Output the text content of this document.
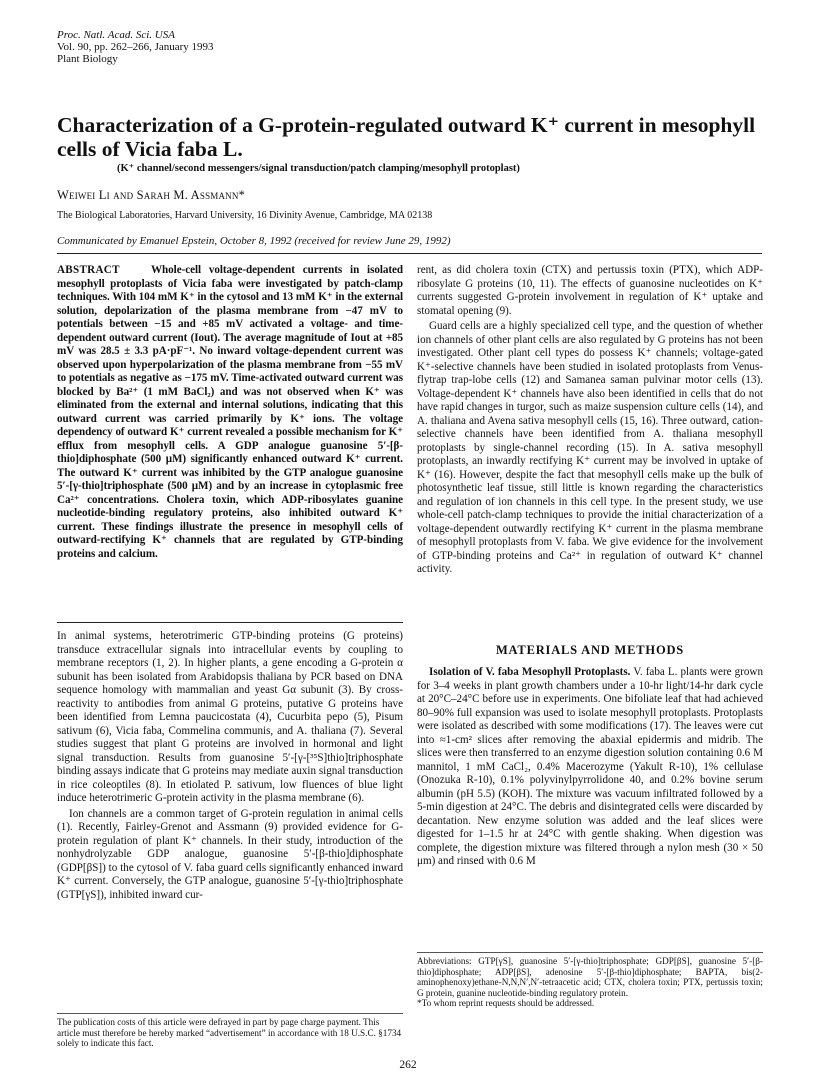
Proc. Natl. Acad. Sci. USA
Vol. 90, pp. 262–266, January 1993
Plant Biology
Characterization of a G-protein-regulated outward K⁺ current in mesophyll cells of Vicia faba L.
(K⁺ channel/second messengers/signal transduction/patch clamping/mesophyll protoplast)
Weiwei Li and Sarah M. Assmann*
The Biological Laboratories, Harvard University, 16 Divinity Avenue, Cambridge, MA 02138
Communicated by Emanuel Epstein, October 8, 1992 (received for review June 29, 1992)

ABSTRACT	Whole-cell voltage-dependent currents in isolated mesophyll protoplasts of Vicia faba were investigated by patch-clamp techniques. With 104 mM K⁺ in the cytosol and 13 mM K⁺ in the external solution, depolarization of the plasma membrane from −47 mV to potentials between −15 and +85 mV activated a voltage- and time-dependent outward current (Iout). The average magnitude of Iout at +85 mV was 28.5 ± 3.3 pA·pF⁻¹. No inward voltage-dependent current was observed upon hyperpolarization of the plasma membrane from −55 mV to potentials as negative as −175 mV. Time-activated outward current was blocked by Ba²⁺ (1 mM BaCl₂) and was not observed when K⁺ was eliminated from the external and internal solutions, indicating that this outward current was carried primarily by K⁺ ions. The voltage dependency of outward K⁺ current revealed a possible mechanism for K⁺ efflux from mesophyll cells. A GDP analogue guanosine 5′-[β-thio]diphosphate (500 μM) significantly enhanced outward K⁺ current. The outward K⁺ current was inhibited by the GTP analogue guanosine 5′-[γ-thio]triphosphate (500 μM) and by an increase in cytoplasmic free Ca²⁺ concentrations. Cholera toxin, which ADP-ribosylates guanine nucleotide-binding regulatory proteins, also inhibited outward K⁺ current. These findings illustrate the presence in mesophyll cells of outward-rectifying K⁺ channels that are regulated by GTP-binding proteins and calcium.

In animal systems, heterotrimeric GTP-binding proteins (G proteins) transduce extracellular signals into intracellular events by coupling to membrane receptors (1, 2). In higher plants, a gene encoding a G-protein α subunit has been isolated from Arabidopsis thaliana by PCR based on DNA sequence homology with mammalian and yeast Gα subunit (3). By cross-reactivity to antibodies from animal G proteins, putative G proteins have been identified from Lemna paucicostata (4), Cucurbita pepo (5), Pisum sativum (6), Vicia faba, Commelina communis, and A. thaliana (7). Several studies suggest that plant G proteins are involved in hormonal and light signal transduction. Results from guanosine 5′-[γ-[³⁵S]thio]triphosphate binding assays indicate that G proteins may mediate auxin signal transduction in rice coleoptiles (8). In etiolated P. sativum, low fluences of blue light induce heterotrimeric G-protein activity in the plasma membrane (6).

Ion channels are a common target of G-protein regulation in animal cells (1). Recently, Fairley-Grenot and Assmann (9) provided evidence for G-protein regulation of plant K⁺ channels. In their study, introduction of the nonhydrolyzable GDP analogue, guanosine 5′-[β-thio]diphosphate (GDP[βS]) to the cytosol of V. faba guard cells significantly enhanced inward K⁺ current. Conversely, the GTP analogue, guanosine 5′-[γ-thio]triphosphate (GTP[γS]), inhibited inward cur-

The publication costs of this article were defrayed in part by page charge payment. This article must therefore be hereby marked “advertisement” in accordance with 18 U.S.C. §1734 solely to indicate this fact.

rent, as did cholera toxin (CTX) and pertussis toxin (PTX), which ADP-ribosylate G proteins (10, 11). The effects of guanosine nucleotides on K⁺ currents suggested G-protein involvement in regulation of K⁺ uptake and stomatal opening (9).

Guard cells are a highly specialized cell type, and the question of whether ion channels of other plant cells are also regulated by G proteins has not been investigated. Other plant cell types do possess K⁺ channels; voltage-gated K⁺-selective channels have been studied in isolated protoplasts from Venus-flytrap trap-lobe cells (12) and Samanea saman pulvinar motor cells (13). Voltage-dependent K⁺ channels have also been identified in cells that do not have rapid changes in turgor, such as maize suspension culture cells (14), and A. thaliana and Avena sativa mesophyll cells (15, 16). Three outward, cation-selective channels have been identified from A. thaliana mesophyll protoplasts by single-channel recording (15). In A. sativa mesophyll protoplasts, an inwardly rectifying K⁺ current may be involved in uptake of K⁺ (16). However, despite the fact that mesophyll cells make up the bulk of photosynthetic leaf tissue, still little is known regarding the characteristics and regulation of ion channels in this cell type. In the present study, we use whole-cell patch-clamp techniques to provide the initial characterization of a voltage-dependent outwardly rectifying K⁺ current in the plasma membrane of mesophyll protoplasts from V. faba. We give evidence for the involvement of GTP-binding proteins and Ca²⁺ in regulation of outward K⁺ channel activity.

MATERIALS AND METHODS

Isolation of V. faba Mesophyll Protoplasts. V. faba L. plants were grown for 3–4 weeks in plant growth chambers under a 10-hr light/14-hr dark cycle at 20°C–24°C before use in experiments. One bifoliate leaf that had achieved 80–90% full expansion was used to isolate mesophyll protoplasts. Protoplasts were isolated as described with some modifications (17). The leaves were cut into ≈1-cm² slices after removing the abaxial epidermis and midrib. The slices were then transferred to an enzyme digestion solution containing 0.6 M mannitol, 1 mM CaCl₂, 0.4% Macerozyme (Yakult R-10), 1% cellulase (Onozuka R-10), 0.1% polyvinylpyrrolidone 40, and 0.2% bovine serum albumin (pH 5.5) (KOH). The mixture was vacuum infiltrated followed by a 5-min digestion at 24°C. The debris and disintegrated cells were discarded by decantation. New enzyme solution was added and the leaf slices were digested for 1–1.5 hr at 24°C with gentle shaking. When digestion was complete, the digestion mixture was filtered through a nylon mesh (30 × 50 μm) and rinsed with 0.6 M

Abbreviations: GTP[γS], guanosine 5′-[γ-thio]triphosphate; GDP[βS], guanosine 5′-[β-thio]diphosphate; ADP[βS], adenosine 5′-[β-thio]diphosphate; BAPTA, bis(2-aminophenoxy)ethane-N,N,N′,N′-tetraacetic acid; CTX, cholera toxin; PTX, pertussis toxin; G protein, guanine nucleotide-binding regulatory protein.
*To whom reprint requests should be addressed.
262
